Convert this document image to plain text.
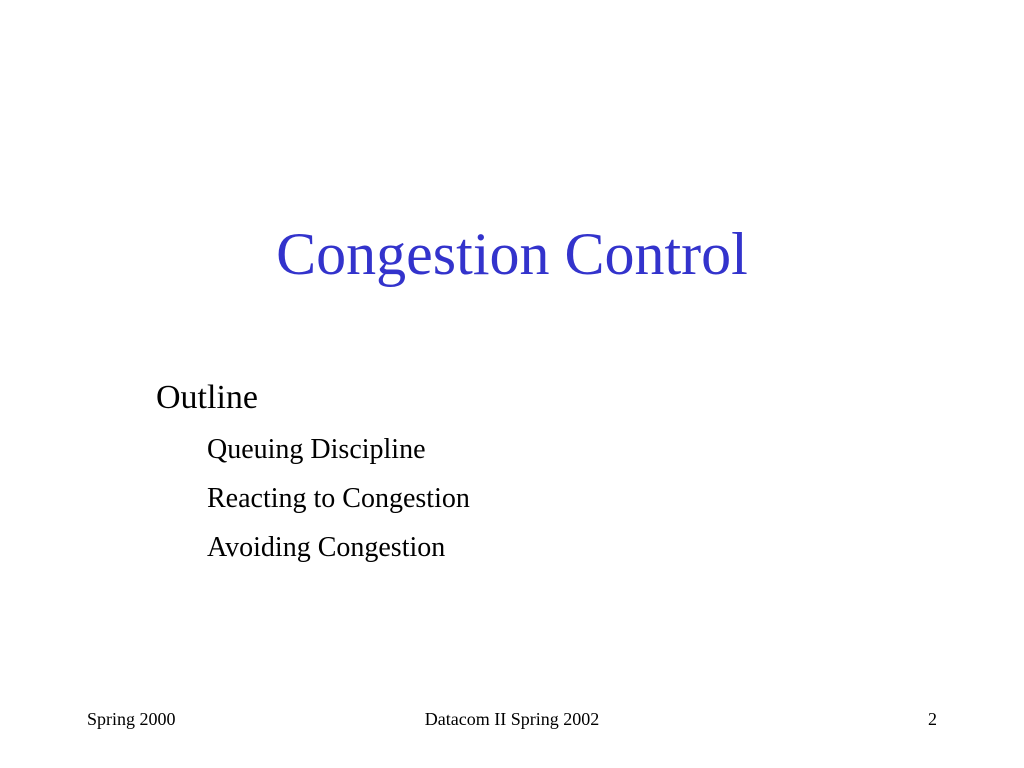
Congestion Control
Outline
Queuing Discipline
Reacting to Congestion
Avoiding Congestion
Spring 2000	Datacom II Spring 2002	2
